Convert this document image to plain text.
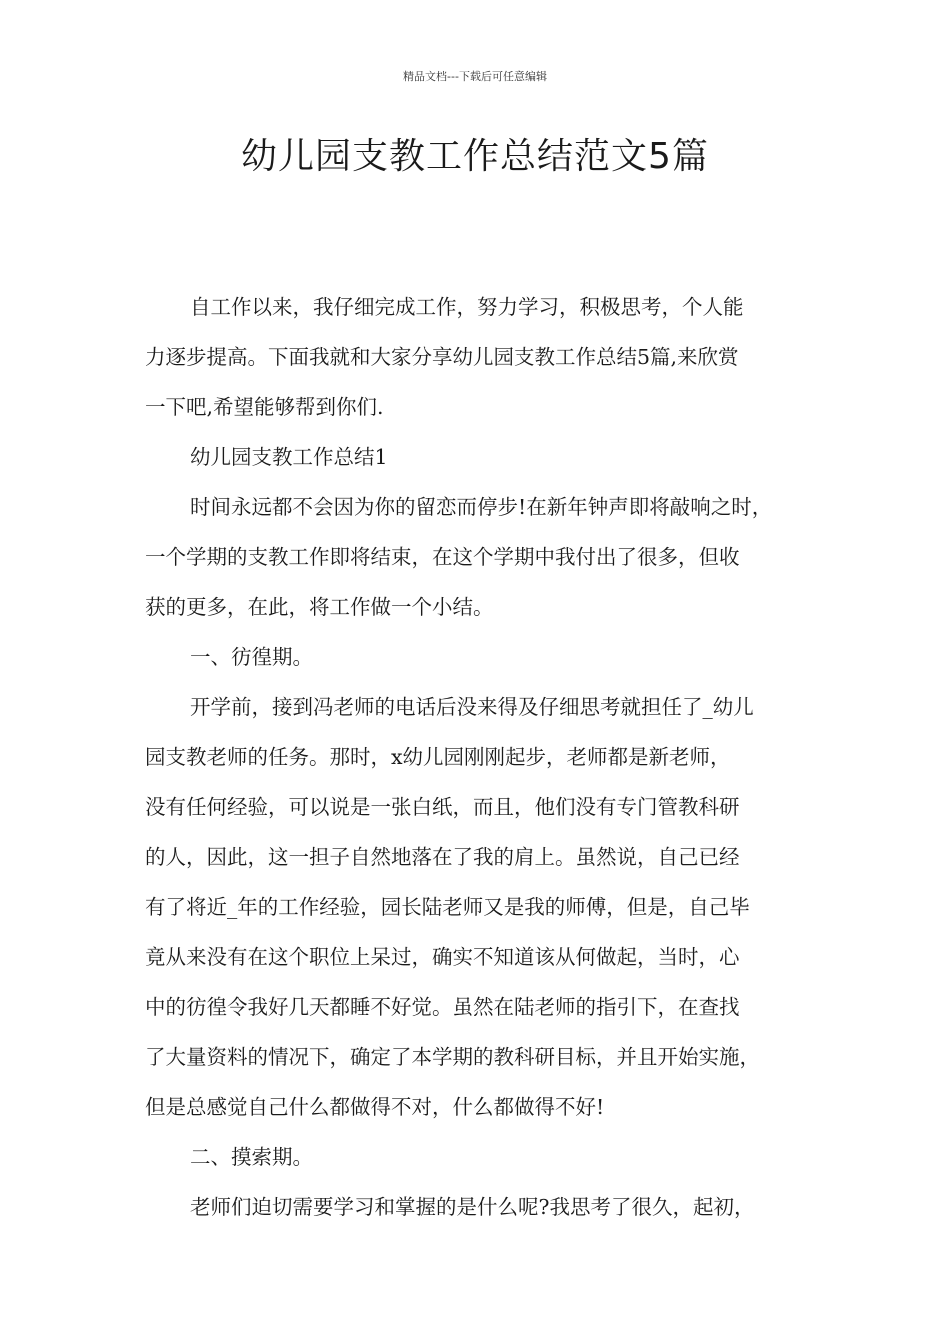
精品文档---下载后可任意编辑
幼儿园支教工作总结范文5篇
自工作以来，我仔细完成工作，努力学习，积极思考，个人能
力逐步提高。下面我就和大家分享幼儿园支教工作总结5篇,来欣赏
一下吧,希望能够帮到你们.
幼儿园支教工作总结1
时间永远都不会因为你的留恋而停步!在新年钟声即将敲响之时，
一个学期的支教工作即将结束，在这个学期中我付出了很多，但收
获的更多，在此，将工作做一个小结。
一、彷徨期。
开学前，接到冯老师的电话后没来得及仔细思考就担任了_幼儿
园支教老师的任务。那时，x幼儿园刚刚起步，老师都是新老师，
没有任何经验，可以说是一张白纸，而且，他们没有专门管教科研
的人，因此，这一担子自然地落在了我的肩上。虽然说，自己已经
有了将近_年的工作经验，园长陆老师又是我的师傅，但是，自己毕
竟从来没有在这个职位上呆过，确实不知道该从何做起，当时，心
中的彷徨令我好几天都睡不好觉。虽然在陆老师的指引下，在查找
了大量资料的情况下，确定了本学期的教科研目标，并且开始实施，
但是总感觉自己什么都做得不对，什么都做得不好!
二、摸索期。
老师们迫切需要学习和掌握的是什么呢?我思考了很久，起初，
